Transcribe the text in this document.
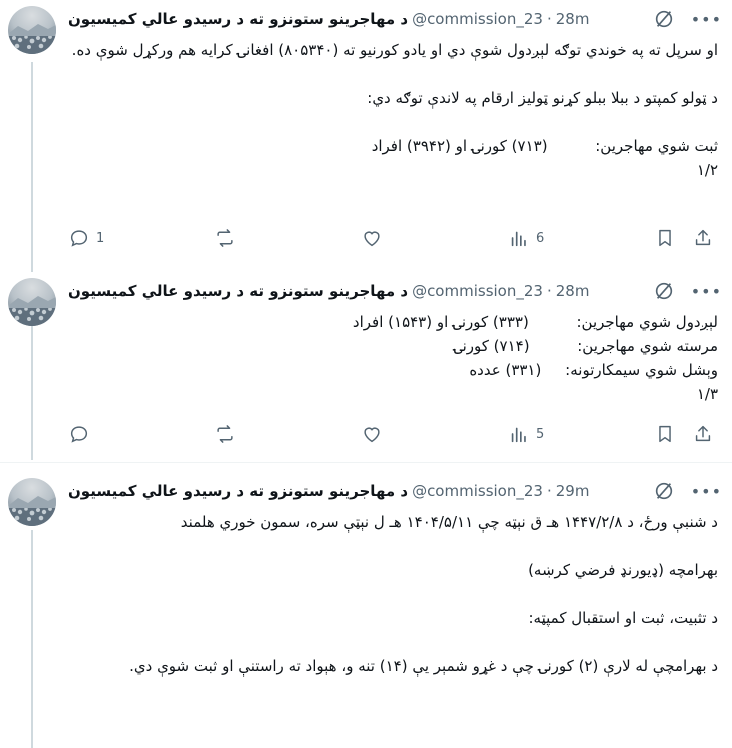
د مهاجرینو ستونزو ته د رسیدو عالي کمیسیون @commission_23 · 28m	•••
او سرپل ته په خوندي توګه لېږدول شوې دي او یادو کورنیو ته (۸۰۵۳۴۰) افغانۍ کرایه هم ورکړل شوې ده.

د ټولو کمپتو د ببلا ببلو کړنو ټولیز ارقام په لاندې توګه دي:

ثبت شوي مهاجرین:          (۷۱۳) کورنۍ او (۳۹۴۲) افراد
۱/۲
1	6
د مهاجرینو ستونزو ته د رسیدو عالي کمیسیون @commission_23 · 28m	•••
لېږدول شوي مهاجرین:          (۳۳۳) کورنۍ او (۱۵۴۳) افراد
مرسته شوي مهاجرین:          (۷۱۴) کورنۍ
وېشل شوي سیمکارتونه:     (۳۳۱) عدده
۱/۳
5
د مهاجرینو ستونزو ته د رسیدو عالي کمیسیون @commission_23 · 29m	•••
د شنبې ورځ، د ۱۴۴۷/۲/۸ هـ ق نېټه چې ۱۴۰۴/۵/۱۱ هـ ل نېټې سره، سمون خوري هلمند

بهرامچه (ډیورنډ فرضي کرښه)

د تثبیت، ثبت او استقبال کمپټه:

د بهرامچې له لارې (۲) کورنۍ چې د غړو شمېر یې (۱۴) تنه و، هېواد ته راستنې او ثبت شوې دي.
